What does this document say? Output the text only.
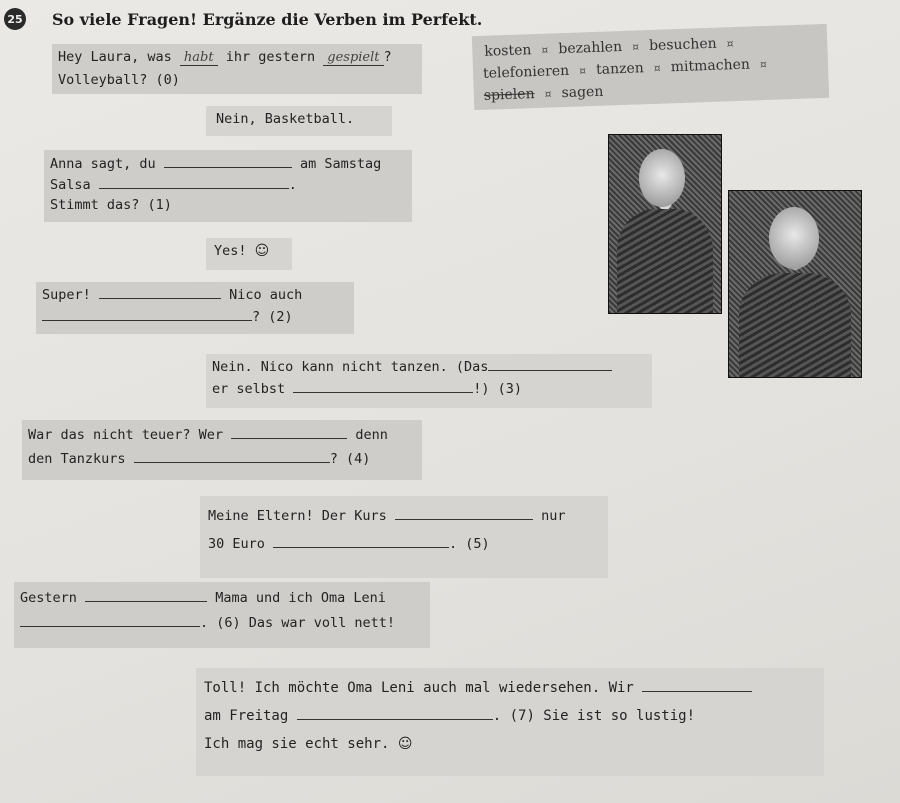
25 So viele Fragen! Ergänze die Verben im Perfekt.
kosten ¤ bezahlen ¤ besuchen ¤
telefonieren ¤ tanzen ¤ mitmachen ¤
spielen ¤ sagen
Hey Laura, was habt ihr gestern gespielt ?
Volleyball? (0)
Nein, Basketball.
Anna sagt, du	am Samstag
Salsa	.
Stimmt das? (1)
Yes! ☺
Super!	Nico auch
? (2)
Nein. Nico kann nicht tanzen. (Das
er selbst	!) (3)
War das nicht teuer? Wer	denn
den Tanzkurs	? (4)
Meine Eltern! Der Kurs	nur
30 Euro	. (5)
Gestern	Mama und ich Oma Leni
. (6) Das war voll nett!
Toll! Ich möchte Oma Leni auch mal wiedersehen. Wir
am Freitag	. (7) Sie ist so lustig!
Ich mag sie echt sehr. ☺
